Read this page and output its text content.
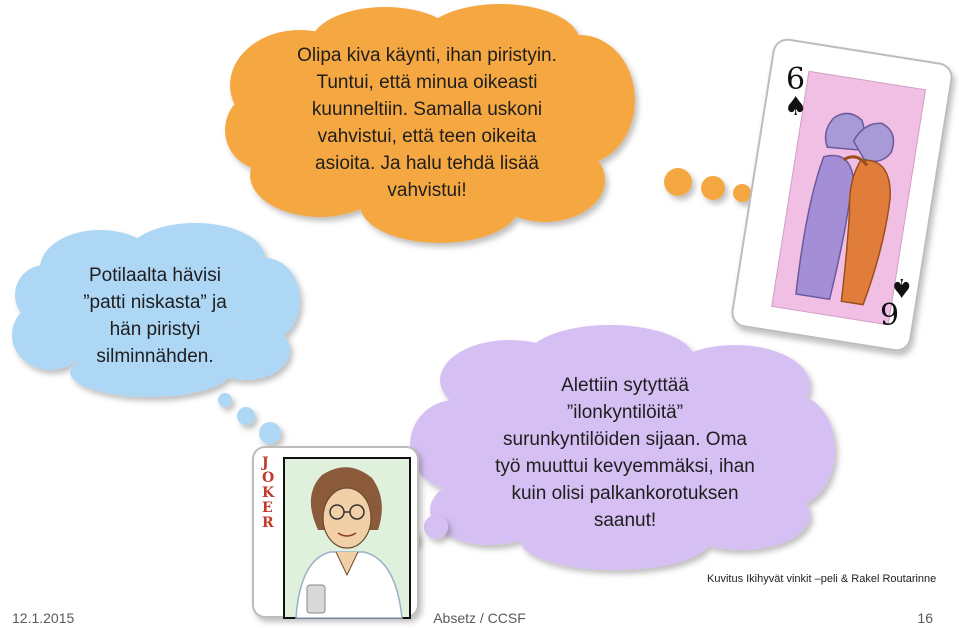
6
♠
♠
9
JOKER
Olipa kiva käynti, ihan piristyin.
Tuntui, että minua oikeasti
kuunneltiin. Samalla uskoni
vahvistui, että teen oikeita
asioita. Ja halu tehdä lisää
vahvistui!
Potilaalta hävisi
”patti niskasta” ja
hän piristyi
silminnähden.
Alettiin sytyttää
”ilonkyntilöitä”
surunkyntilöiden sijaan. Oma
työ muuttui kevyemmäksi, ihan
kuin olisi palkankorotuksen
saanut!
Kuvitus Ikihyvät vinkit –peli & Rakel Routarinne
12.1.2015	Absetz / CCSF	16
